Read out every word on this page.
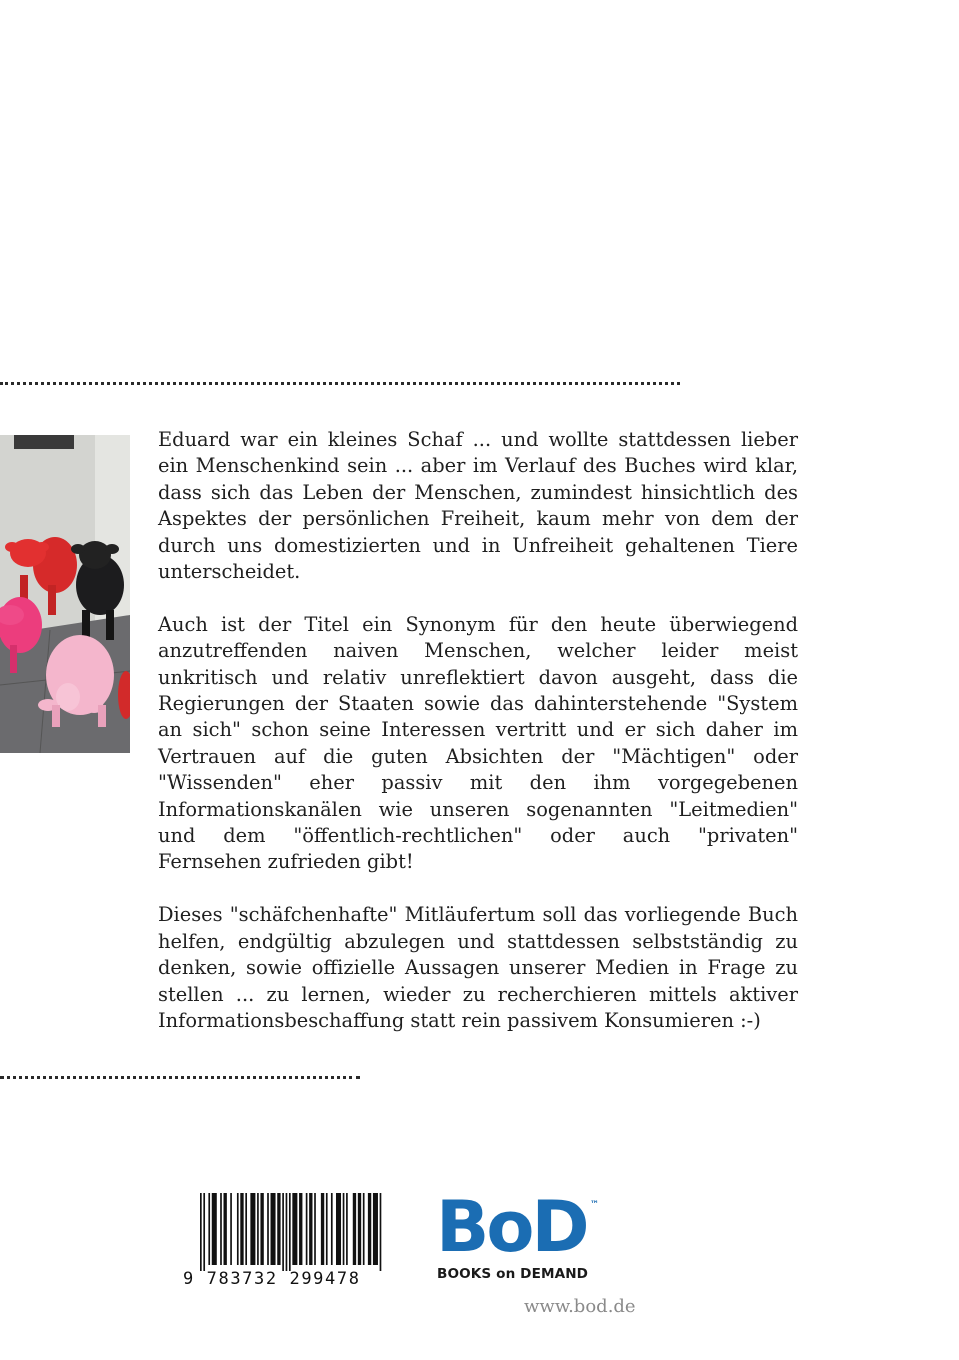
Eduard war ein kleines Schaf ... und wollte stattdessen lieber ein Menschenkind sein ... aber im Verlauf des Buches wird klar, dass sich das Leben der Menschen, zumindest hinsichtlich des Aspektes der persönlichen Freiheit, kaum mehr von dem der durch uns domestizierten und in Unfreiheit gehaltenen Tiere unterscheidet.

Auch ist der Titel ein Synonym für den heute überwiegend anzutreffenden naiven Menschen, welcher leider meist unkritisch und relativ unreflektiert davon ausgeht, dass die Regierungen der Staaten sowie das dahinterstehende "System an sich" schon seine Interessen vertritt und er sich daher im Vertrauen auf die guten Absichten der "Mächtigen" oder "Wissenden" eher passiv mit den ihm vorgegebenen Informationskanälen wie unseren sogenannten "Leitmedien" und dem "öffentlich-rechtlichen" oder auch "privaten" Fernsehen zufrieden gibt!

Dieses "schäfchenhafte" Mitläufertum soll das vorliegende Buch helfen, endgültig abzulegen und stattdessen selbstständig zu denken, sowie offizielle Aussagen unserer Medien in Frage zu stellen ... zu lernen, wieder zu recherchieren mittels aktiver Informationsbeschaffung statt rein passivem Konsumieren :-)

9 783732 299478
BoD ™
BOOKS on DEMAND
www.bod.de
